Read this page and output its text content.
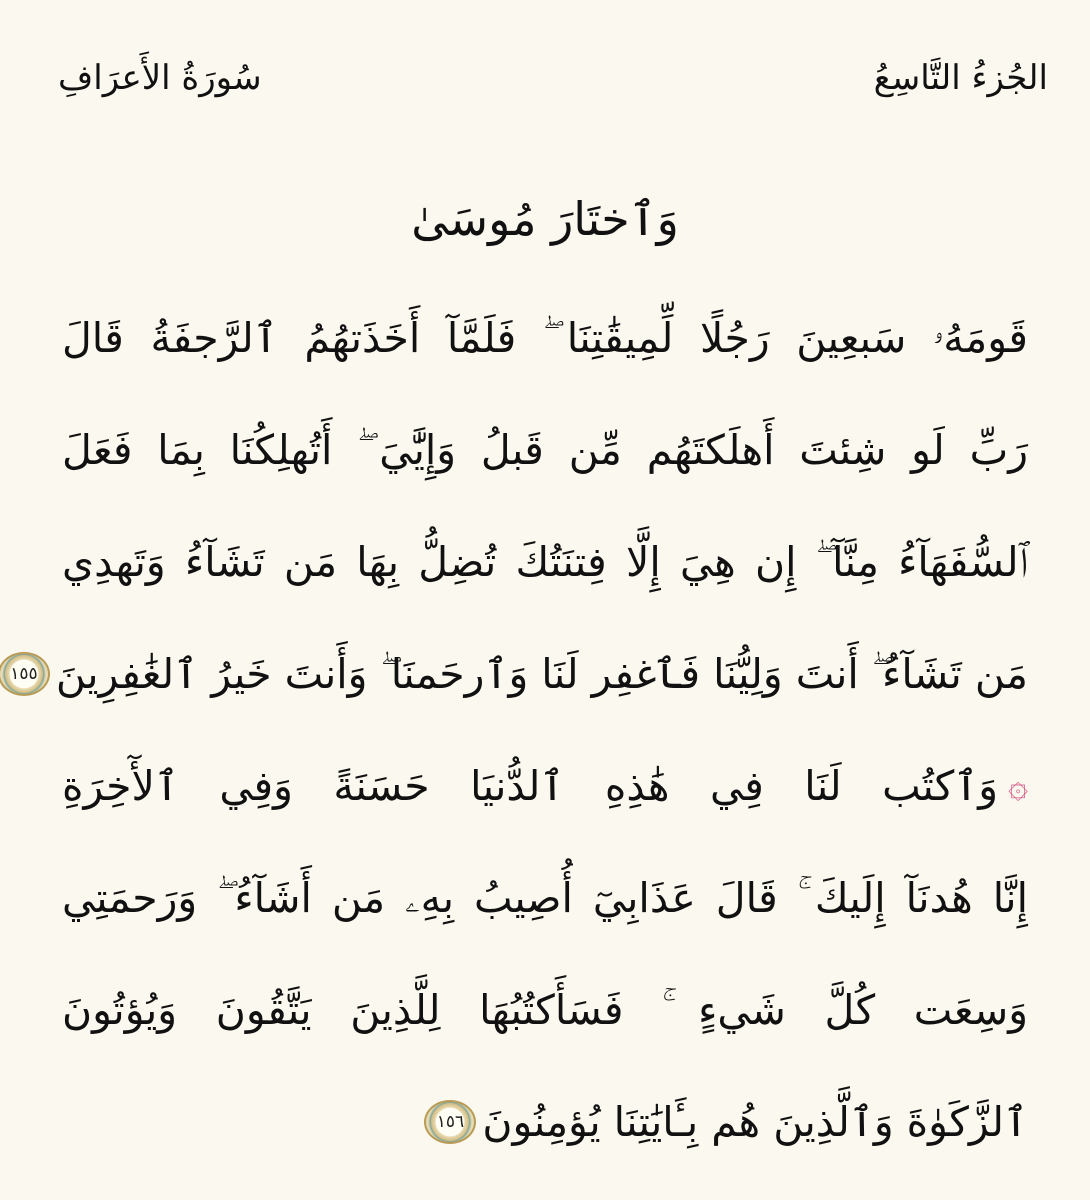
الجُزءُ التَّاسِعُ
سُورَةُ الأَعرَافِ
وَٱختَارَ مُوسَىٰ
قَومَهُۥ سَبعِينَ رَجُلًا لِّمِيقَٰتِنَا ۖ فَلَمَّآ أَخَذَتهُمُ ٱلرَّجفَةُ قَالَ
رَبِّ لَو شِئتَ أَهلَكتَهُم مِّن قَبلُ وَإِيَّٰيَ ۖ أَتُهلِكُنَا بِمَا فَعَلَ
ٱلسُّفَهَآءُ مِنَّآ ۖ إِن هِيَ إِلَّا فِتنَتُكَ تُضِلُّ بِهَا مَن تَشَآءُ وَتَهدِي
مَن تَشَآءُ ۖ أَنتَ وَلِيُّنَا فَٱغفِر لَنَا وَٱرحَمنَا ۖ وَأَنتَ خَيرُ ٱلغَٰفِرِينَ
١٥٥
۞
وَٱكتُب لَنَا فِي هَٰذِهِ ٱلدُّنيَا حَسَنَةً وَفِي ٱلأٓخِرَةِ
إِنَّا هُدنَآ إِلَيكَ ۚ قَالَ عَذَابِيٓ أُصِيبُ بِهِۦ مَن أَشَآءُ ۖ وَرَحمَتِي
وَسِعَت كُلَّ شَيءٍ ۚ فَسَأَكتُبُهَا لِلَّذِينَ يَتَّقُونَ وَيُؤتُونَ
ٱلزَّكَوٰةَ وَٱلَّذِينَ هُم بِـَٔايَٰتِنَا يُؤمِنُونَ
١٥٦
